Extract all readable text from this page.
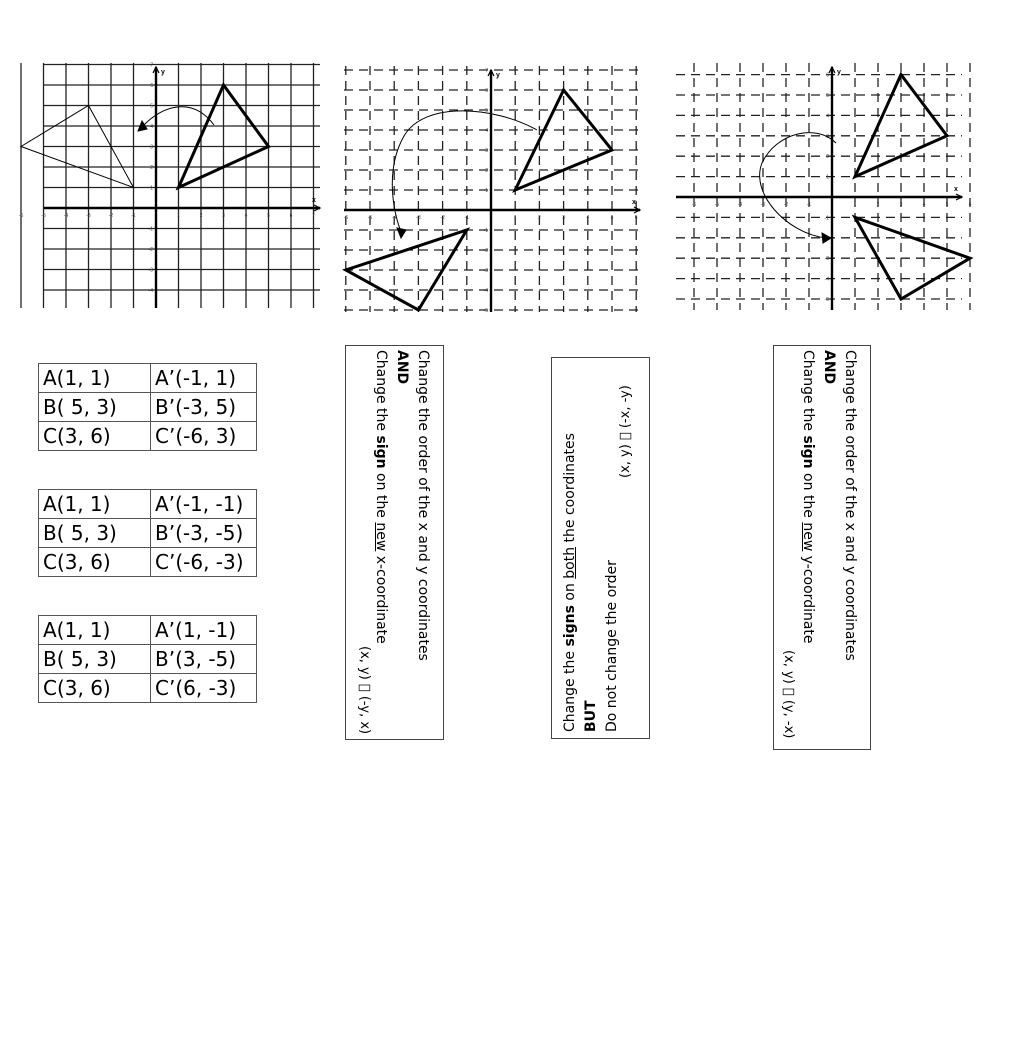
x
y
-6	-5	-4	-3	-2	-1	1	2	3	4	5	6	7
-4
-3
-2
-1
1
2
3
4
5
6
7
x
y
-6	-5	-4	-3	-2	-1	1	2	3	4	5	6
-5
-4
-3
-2
-1
1
2
3
4
5
6
7
x
y
-6	-5	-4	-3	-2	-1	1	2	3	4	5	6
-5
-4
-3
-1
1
2
3
4
5
6
A(1, 1)	A’(-1, 1)
B( 5, 3)	B’(-3, 5)
C(3, 6)	C’(-6, 3)
A(1, 1)	A’(-1, -1)
B( 5, 3)	B’(-3, -5)
C(3, 6)	C’(-6, -3)
A(1, 1)	A’(1, -1)
B( 5, 3)	B’(3, -5)
C(3, 6)	C’(6, -3)
Change the order of the x and y coordinates
AND
Change the sign on the new x-coordinate
(x, y)   (-y, x)	Change the signs on both the coordinates
BUT Do not change the order
(x, y)   (-x, -y)	Change the order of the x and y coordinates
AND
Change the sign on the new y-coordinate
(x, y)   (y, -x)
